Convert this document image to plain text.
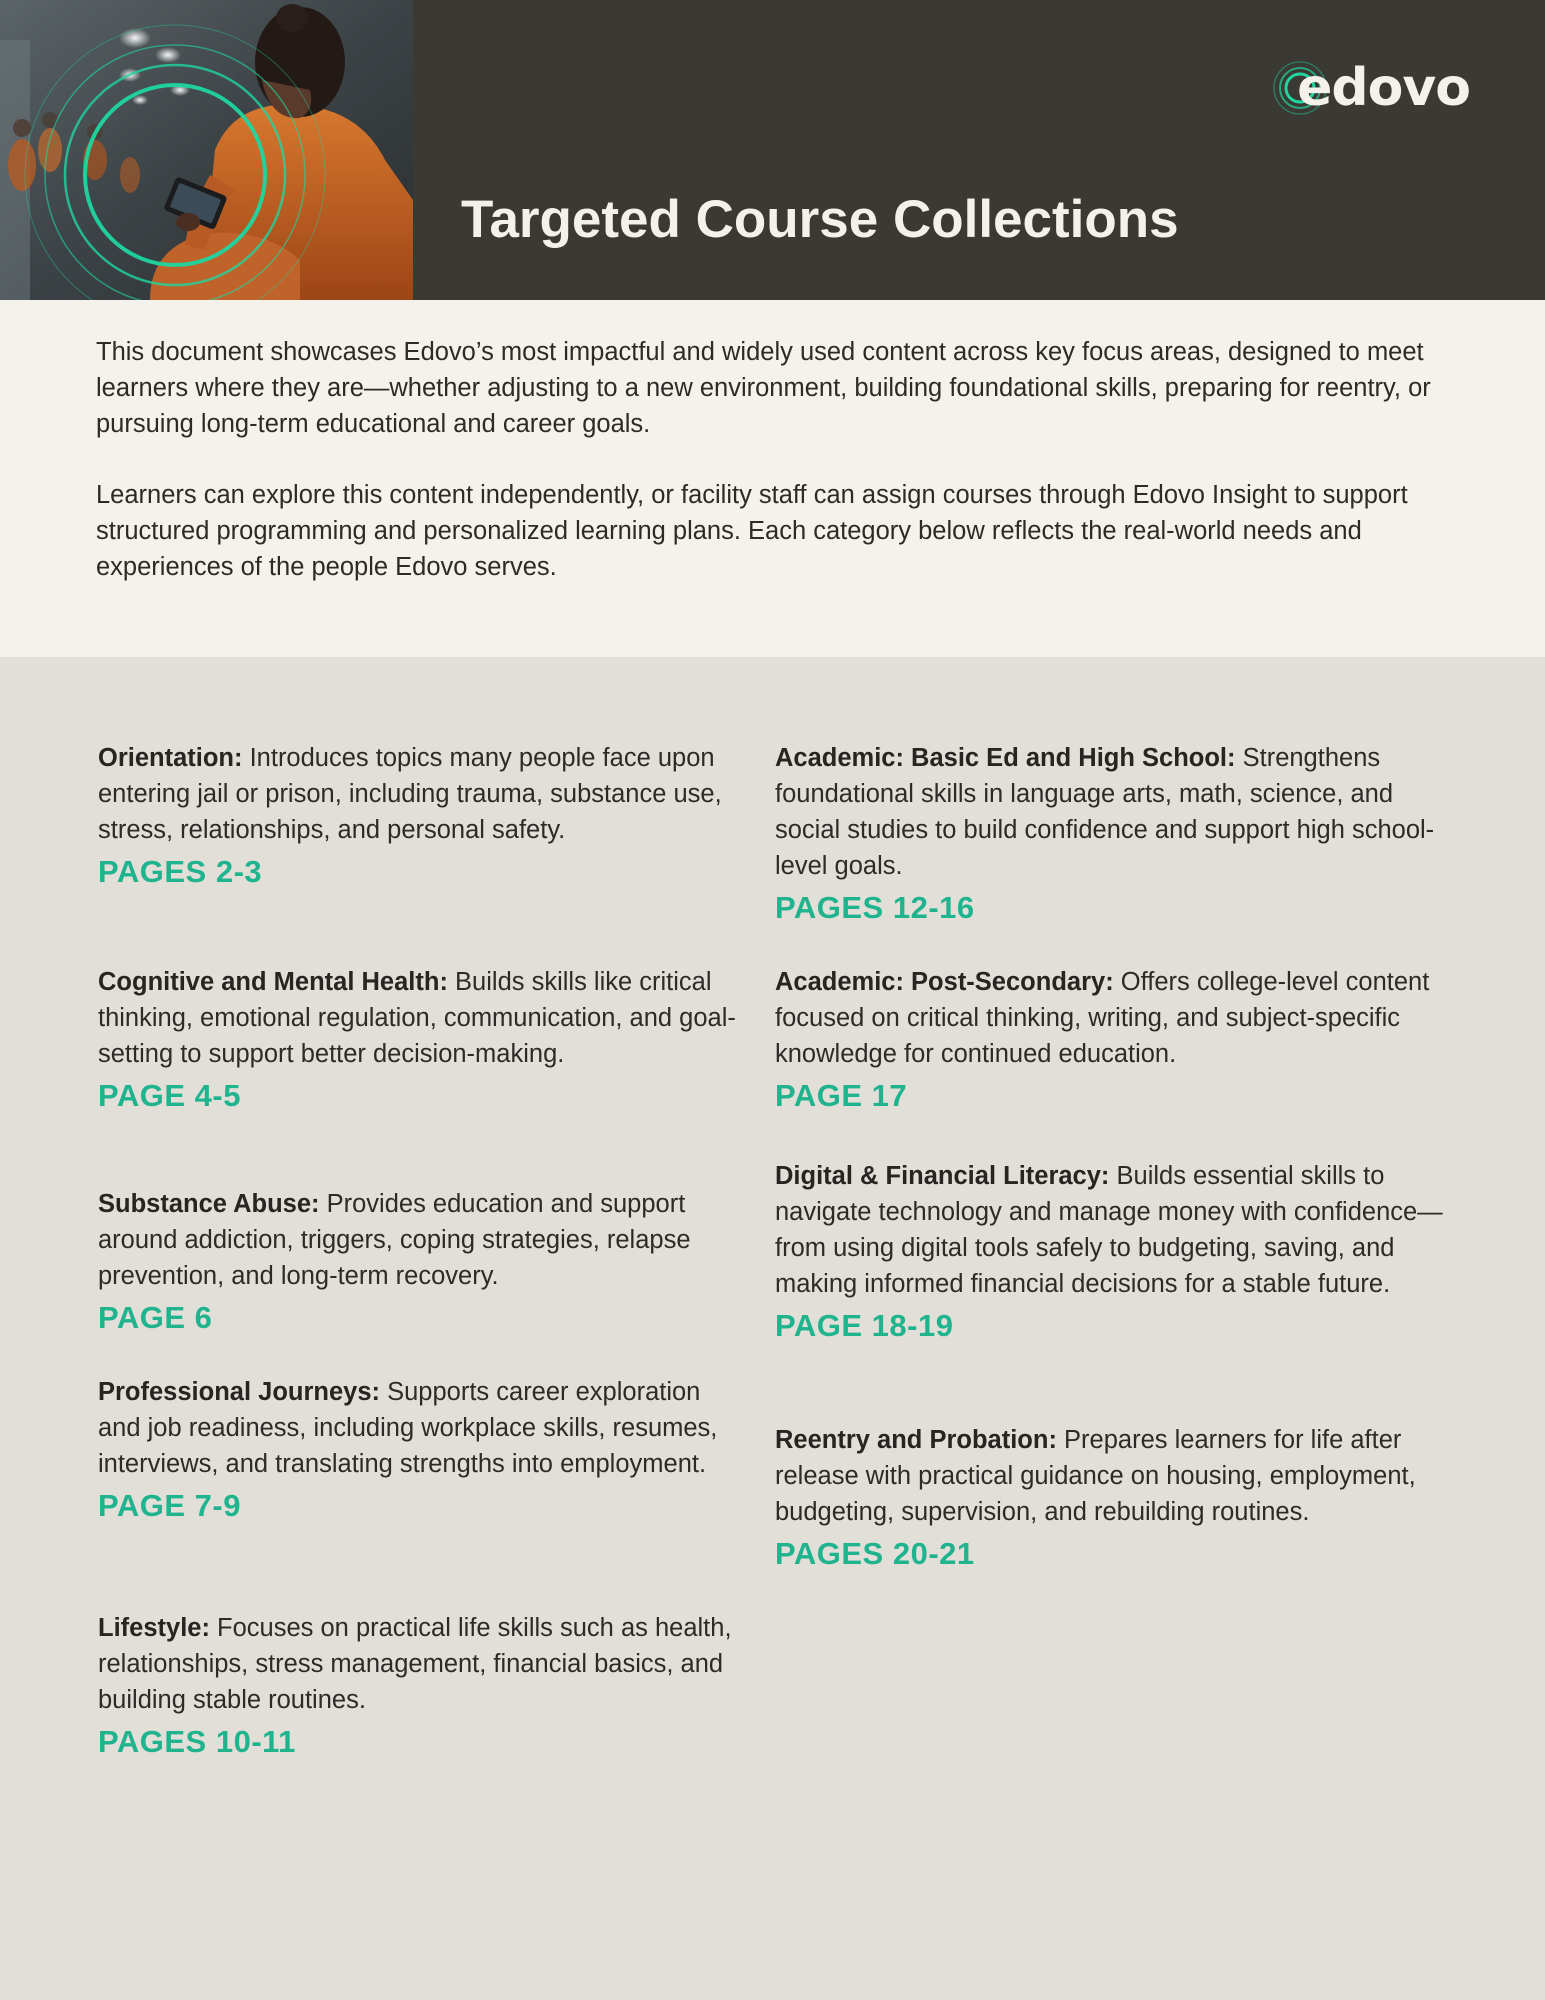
edovo
Targeted Course Collections

This document showcases Edovo’s most impactful and widely used content across key focus areas, designed to meet learners where they are—whether adjusting to a new environment, building foundational skills, preparing for reentry, or pursuing long-term educational and career goals.

Learners can explore this content independently, or facility staff can assign courses through Edovo Insight to support structured programming and personalized learning plans. Each category below reflects the real-world needs and experiences of the people Edovo serves.

Orientation: Introduces topics many people face upon entering jail or prison, including trauma, substance use, stress, relationships, and personal safety.

PAGES 2-3

Cognitive and Mental Health: Builds skills like critical thinking, emotional regulation, communication, and goal-setting to support better decision-making.

PAGE 4-5

Substance Abuse: Provides education and support around addiction, triggers, coping strategies, relapse prevention, and long-term recovery.

PAGE 6

Professional Journeys: Supports career exploration and job readiness, including workplace skills, resumes, interviews, and translating strengths into employment.

PAGE 7-9

Lifestyle: Focuses on practical life skills such as health, relationships, stress management, financial basics, and building stable routines.

PAGES 10-11

Academic: Basic Ed and High School: Strengthens foundational skills in language arts, math, science, and social studies to build confidence and support high school-level goals.

PAGES 12-16

Academic: Post-Secondary: Offers college-level content focused on critical thinking, writing, and subject-specific knowledge for continued education.

PAGE 17

Digital & Financial Literacy: Builds essential skills to navigate technology and manage money with confidence—from using digital tools safely to budgeting, saving, and making informed financial decisions for a stable future.

PAGE 18-19

Reentry and Probation: Prepares learners for life after release with practical guidance on housing, employment, budgeting, supervision, and rebuilding routines.

PAGES 20-21
